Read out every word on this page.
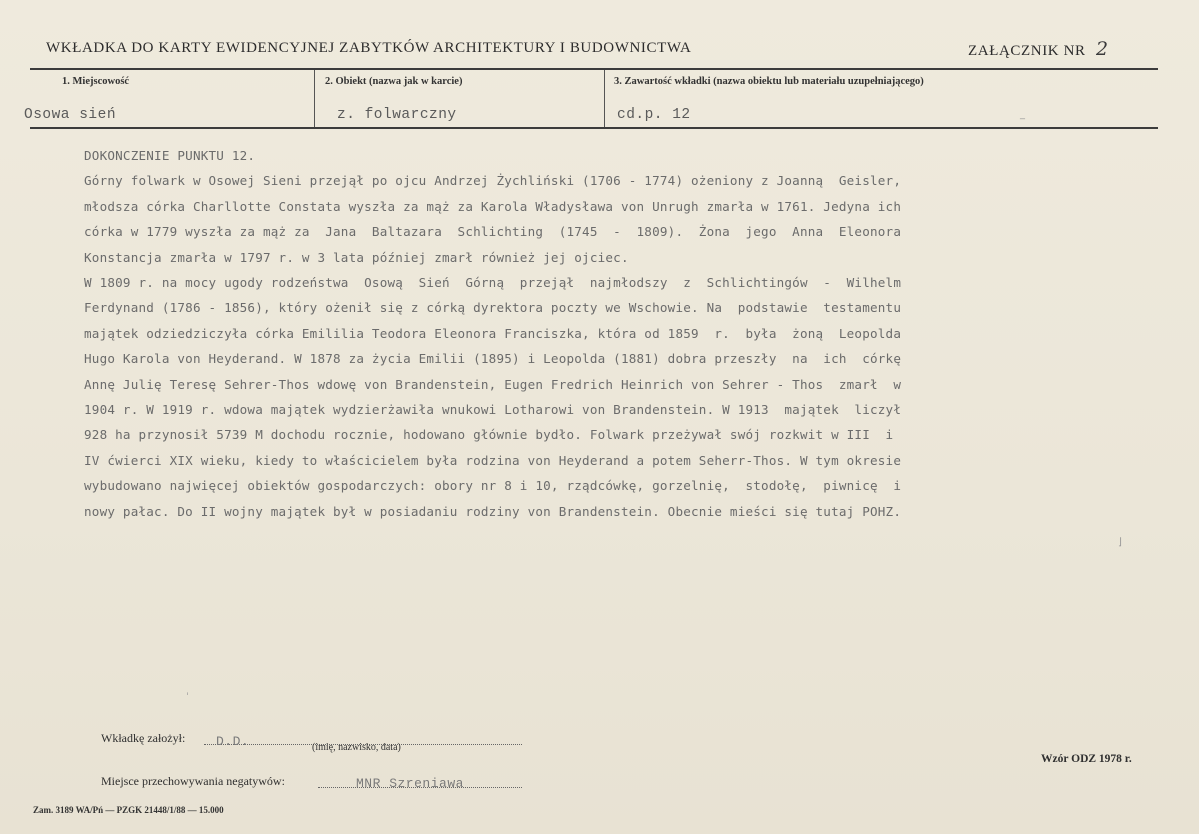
WKŁADKA DO KARTY EWIDENCYJNEJ ZABYTKÓW ARCHITEKTURY I BUDOWNICTWA	ZAŁĄCZNIK NR 2
1. Miejscowość	2. Obiekt (nazwa jak w karcie)	3. Zawartość wkładki (nazwa obiektu lub materiału uzupełniającego)
Osowa sień	z. folwarczny	cd.p. 12
DOKONCZENIE PUNKTU 12.
Górny folwark w Osowej Sieni przejął po ojcu Andrzej Żychliński (1706 - 1774) ożeniony z Joanną  Geisler,
młodsza córka Charllotte Constata wyszła za mąż za Karola Władysława von Unrugh zmarła w 1761. Jedyna ich
córka w 1779 wyszła za mąż za  Jana  Baltazara  Schlichting  (1745  -  1809).  Żona  jego  Anna  Eleonora
Konstancja zmarła w 1797 r. w 3 lata później zmarł również jej ojciec.
W 1809 r. na mocy ugody rodzeństwa  Osową  Sień  Górną  przejął  najmłodszy  z  Schlichtingów  -  Wilhelm
Ferdynand (1786 - 1856), który ożenił się z córką dyrektora poczty we Wschowie. Na  podstawie  testamentu
majątek odziedziczyła córka Emililia Teodora Eleonora Franciszka, która od 1859  r.  była  żoną  Leopolda
Hugo Karola von Heyderand. W 1878 za życia Emilii (1895) i Leopolda (1881) dobra przeszły  na  ich  córkę
Annę Julię Teresę Sehrer-Thos wdowę von Brandenstein, Eugen Fredrich Heinrich von Sehrer - Thos  zmarł  w
1904 r. W 1919 r. wdowa majątek wydzierżawiła wnukowi Lotharowi von Brandenstein. W 1913  majątek  liczył
928 ha przynosił 5739 M dochodu rocznie, hodowano głównie bydło. Folwark przeżywał swój rozkwit w III  i
IV ćwierci XIX wieku, kiedy to właścicielem była rodzina von Heyderand a potem Seherr-Thos. W tym okresie
wybudowano najwięcej obiektów gospodarczych: obory nr 8 i 10, rządcówkę, gorzelnię,  stodołę,  piwnicę  i
nowy pałac. Do II wojny majątek był w posiadaniu rodziny von Brandenstein. Obecnie mieści się tutaj POHZ.
‾
⌋
ˈ
Wkładkę założył: D.D.	(imię, nazwisko, data)
Miejsce przechowywania negatywów:	MNR Szreniawa
Wzór ODZ 1978 r.
Zam. 3189 WA/Pń — PZGK 21448/1/88 — 15.000
